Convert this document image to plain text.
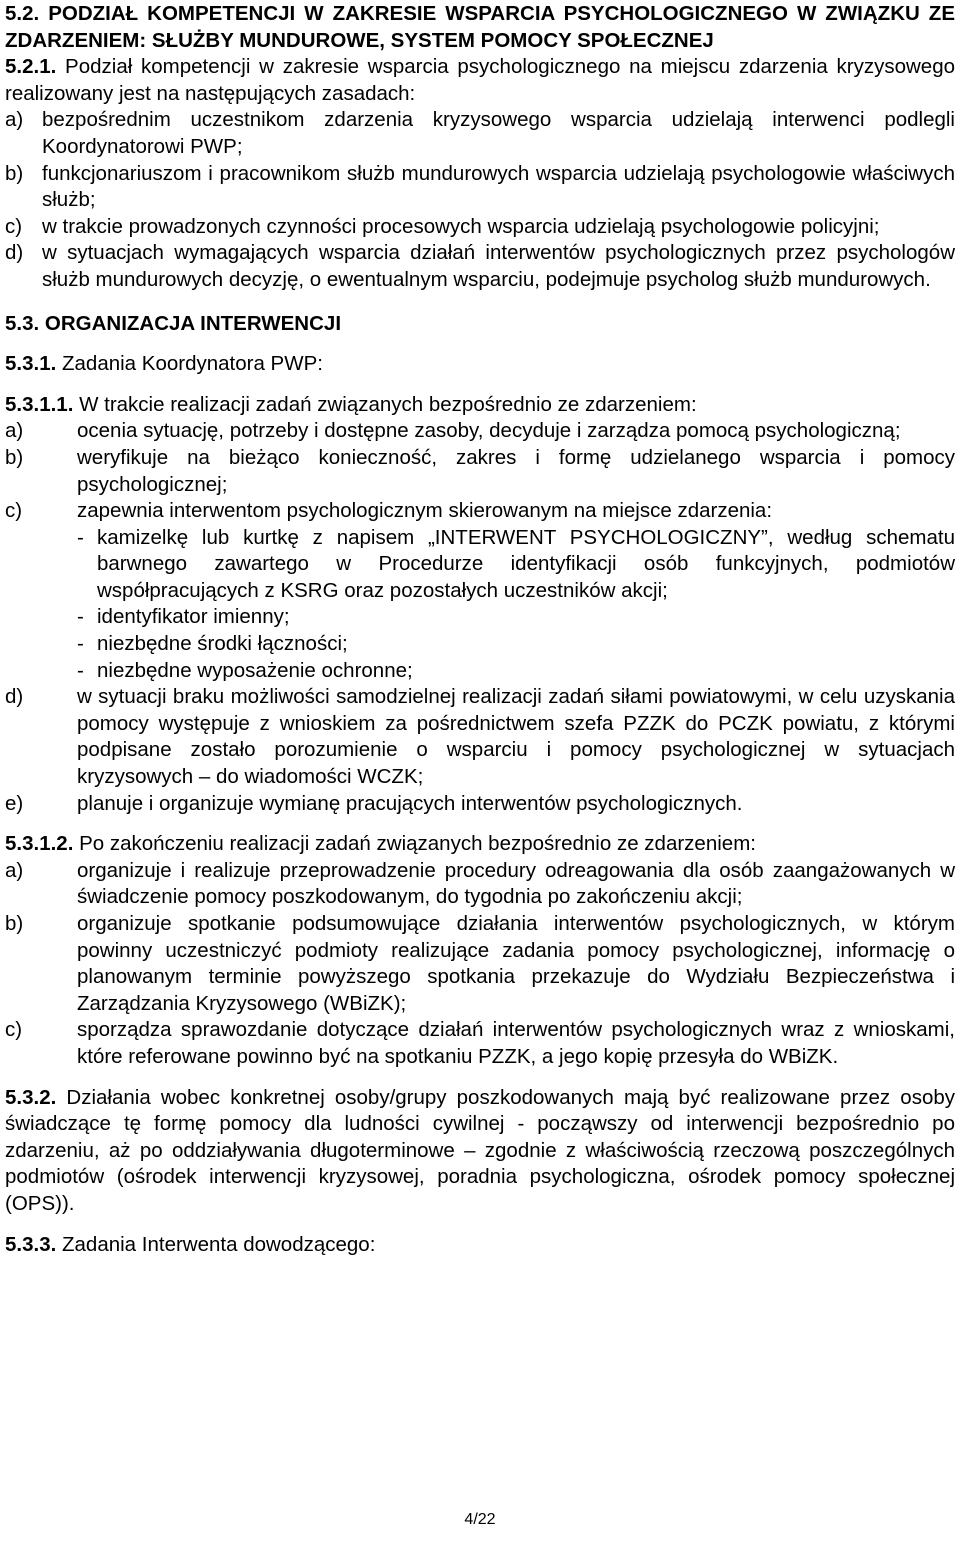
5.2. PODZIAŁ KOMPETENCJI W ZAKRESIE WSPARCIA PSYCHOLOGICZNEGO W ZWIĄZKU ZE ZDARZENIEM: SŁUŻBY MUNDUROWE, SYSTEM POMOCY SPOŁECZNEJ

5.2.1. Podział kompetencji w zakresie wsparcia psychologicznego na miejscu zdarzenia kryzysowego realizowany jest na następujących zasadach:

a) bezpośrednim uczestnikom zdarzenia kryzysowego wsparcia udzielają interwenci podlegli Koordynatorowi PWP;
b) funkcjonariuszom i pracownikom służb mundurowych wsparcia udzielają psychologowie właściwych służb;
c) w trakcie prowadzonych czynności procesowych wsparcia udzielają psychologowie policyjni;
d) w sytuacjach wymagających wsparcia działań interwentów psychologicznych przez psychologów służb mundurowych decyzję, o ewentualnym wsparciu, podejmuje psycholog służb mundurowych.

5.3. ORGANIZACJA INTERWENCJI

5.3.1. Zadania Koordynatora PWP:

5.3.1.1. W trakcie realizacji zadań związanych bezpośrednio ze zdarzeniem:

a)	ocenia sytuację, potrzeby i dostępne zasoby, decyduje i zarządza pomocą psychologiczną;
b)	weryfikuje na bieżąco konieczność, zakres i formę udzielanego wsparcia i pomocy psychologicznej;
c)	zapewnia interwentom psychologicznym skierowanym na miejsce zdarzenia:
- kamizelkę lub kurtkę z napisem „INTERWENT PSYCHOLOGICZNY”, według schematu barwnego zawartego w Procedurze identyfikacji osób funkcyjnych, podmiotów współpracujących z KSRG oraz pozostałych uczestników akcji;
- identyfikator imienny;
- niezbędne środki łączności;
- niezbędne wyposażenie ochronne;
d)	w sytuacji braku możliwości samodzielnej realizacji zadań siłami powiatowymi, w celu uzyskania pomocy występuje z wnioskiem za pośrednictwem szefa PZZK do PCZK powiatu, z którymi podpisane zostało porozumienie o wsparciu i pomocy psychologicznej w sytuacjach kryzysowych – do wiadomości WCZK;
e)	planuje i organizuje wymianę pracujących interwentów psychologicznych.

5.3.1.2. Po zakończeniu realizacji zadań związanych bezpośrednio ze zdarzeniem:

a)	organizuje i realizuje przeprowadzenie procedury odreagowania dla osób zaangażowanych w świadczenie pomocy poszkodowanym, do tygodnia po zakończeniu akcji;
b)	organizuje spotkanie podsumowujące działania interwentów psychologicznych, w którym powinny uczestniczyć podmioty realizujące zadania pomocy psychologicznej, informację o planowanym terminie powyższego spotkania przekazuje do Wydziału Bezpieczeństwa i Zarządzania Kryzysowego (WBiZK);
c)	sporządza sprawozdanie dotyczące działań interwentów psychologicznych wraz z wnioskami, które referowane powinno być na spotkaniu PZZK, a jego kopię przesyła do WBiZK.

5.3.2. Działania wobec konkretnej osoby/grupy poszkodowanych mają być realizowane przez osoby świadczące tę formę pomocy dla ludności cywilnej - począwszy od interwencji bezpośrednio po zdarzeniu, aż po oddziaływania długoterminowe – zgodnie z właściwością rzeczową poszczególnych podmiotów (ośrodek interwencji kryzysowej, poradnia psychologiczna, ośrodek pomocy społecznej (OPS)).

5.3.3. Zadania Interwenta dowodzącego:

4/22
